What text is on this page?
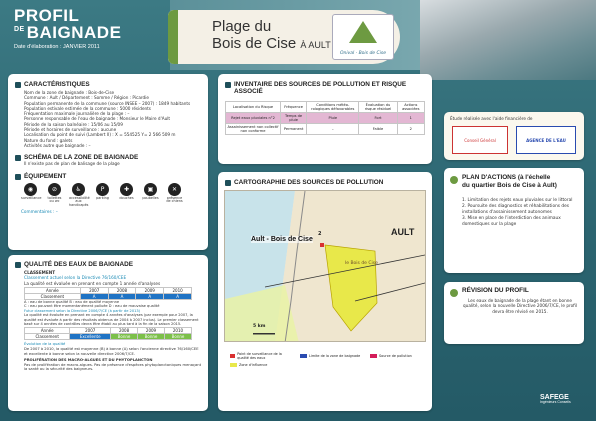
PROFIL
$^{DE}$ BAIGNADE
Date d'élaboration : JANVIER 2011
Plage du
Bois de Cise À AULT
Onival · Bois de Cise
CARACTÉRISTIQUES
Nom de la zone de baignade : Bois-de-Cise
Commune : Ault / Département : Somme / Région : Picardie
Population permanente de la commune (source INSEE – 2007) : 1849 habitants
Population estivale estimée de la commune : 5000 résidents
Fréquentation maximale journalière de la plage : –
Personne responsable de l'eau de baignade : Monsieur le Maire d'Ault
Période de la saison balnéaire : 15/06 au 15/09
Période et horaires de surveillance : aucune
Localisation du point de suivi (Lambert II) : X = 554525 Y= 2 566 509 m
Nature du fond : galets
Activités autre que baignade : –
SCHÉMA DE LA ZONE DE BAIGNADE
Il n'existe pas de plan de balisage de la plage
ÉQUIPEMENT
◉
surveillance
⊘
toilettes ou wc
♿
accessibilité aux handicapés
P
parking
✚
douches
▣
poubelles
✕
présence de chiens
Commentaires : –
QUALITÉ DES EAUX DE BAIGNADE
CLASSEMENT
Classement actuel selon la Directive 76/160/CEE
La qualité est évaluée en prenant en compte 1 année d'analyses
Année	2007	2008	2009	2010
Classement	A	A	A	A
A : eau de bonne qualité B : eau de qualité moyenne
C : eau pouvant être momentanément polluée D : eau de mauvaise qualité
Futur classement selon la Directive 2006/7/CE (à partir de 2013)
La qualité est évaluée en prenant en compte 4 années d'analyses (par exemple pour 2007, la qualité est évaluée à partir des résultats obtenus de 2004 à 2007 inclus). Le premier classement basé sur 4 années de contrôles devra être établi au plus tard à la fin de la saison 2015.
Année	2007	2008	2009	2010
Classement	Excellente	Bonne	Bonne	Bonne
Évolution de la qualité
De 2007 à 2010, la qualité est moyenne (B) à bonne (A) selon l'ancienne directive 76/160/CEE et excellente à bonne selon la nouvelle directive 2006/7/CE.
PROLIFÉRATION DES MACRO-ALGUES ET DU PHYTOPLANCTON
Pas de prolifération de macro-algues. Pas de présence d'espèces phytoplanctoniques menaçant la santé ou la sécurité des baigneurs.
INVENTAIRE DES SOURCES DE POLLUTION ET RISQUE ASSOCIÉ
Localisation du Risque	Fréquence	Conditions météo-rologiques défavorables	Évaluation du risque résiduel	Actions associées
Rejet eaux pluviales n°2	Temps de pluie	Pluie	Fort	1
Assainissement non collectif non conforme	Permanent	–	Faible	2
CARTOGRAPHIE DES SOURCES DE POLLUTION
AULT
Ault - Bois de Cise
2
le Bois de Cise
5 km
Point de surveillance de la qualité des eaux	Limite de la zone de baignade	Source de pollution
Zone d'influence
Étude réalisée avec l'aide financière de
Conseil Général	AGENCE DE L'EAU
PLAN D'ACTIONS (à l'échelle
du quartier Bois de Cise à Ault)
1. Limitation des rejets eaux pluviales sur le littoral
2. Poursuite des diagnostics et réhabilitations des installations d'assainissement autonomes
3. Mise en place de l'interdiction des animaux domestiques sur la plage
RÉVISION DU PROFIL
Les eaux de baignade de la plage étant en bonne qualité, selon la nouvelle Directive 2006/7/CE, le profil devra être révisé en 2015.
SAFEGE
Ingénieurs Conseils
